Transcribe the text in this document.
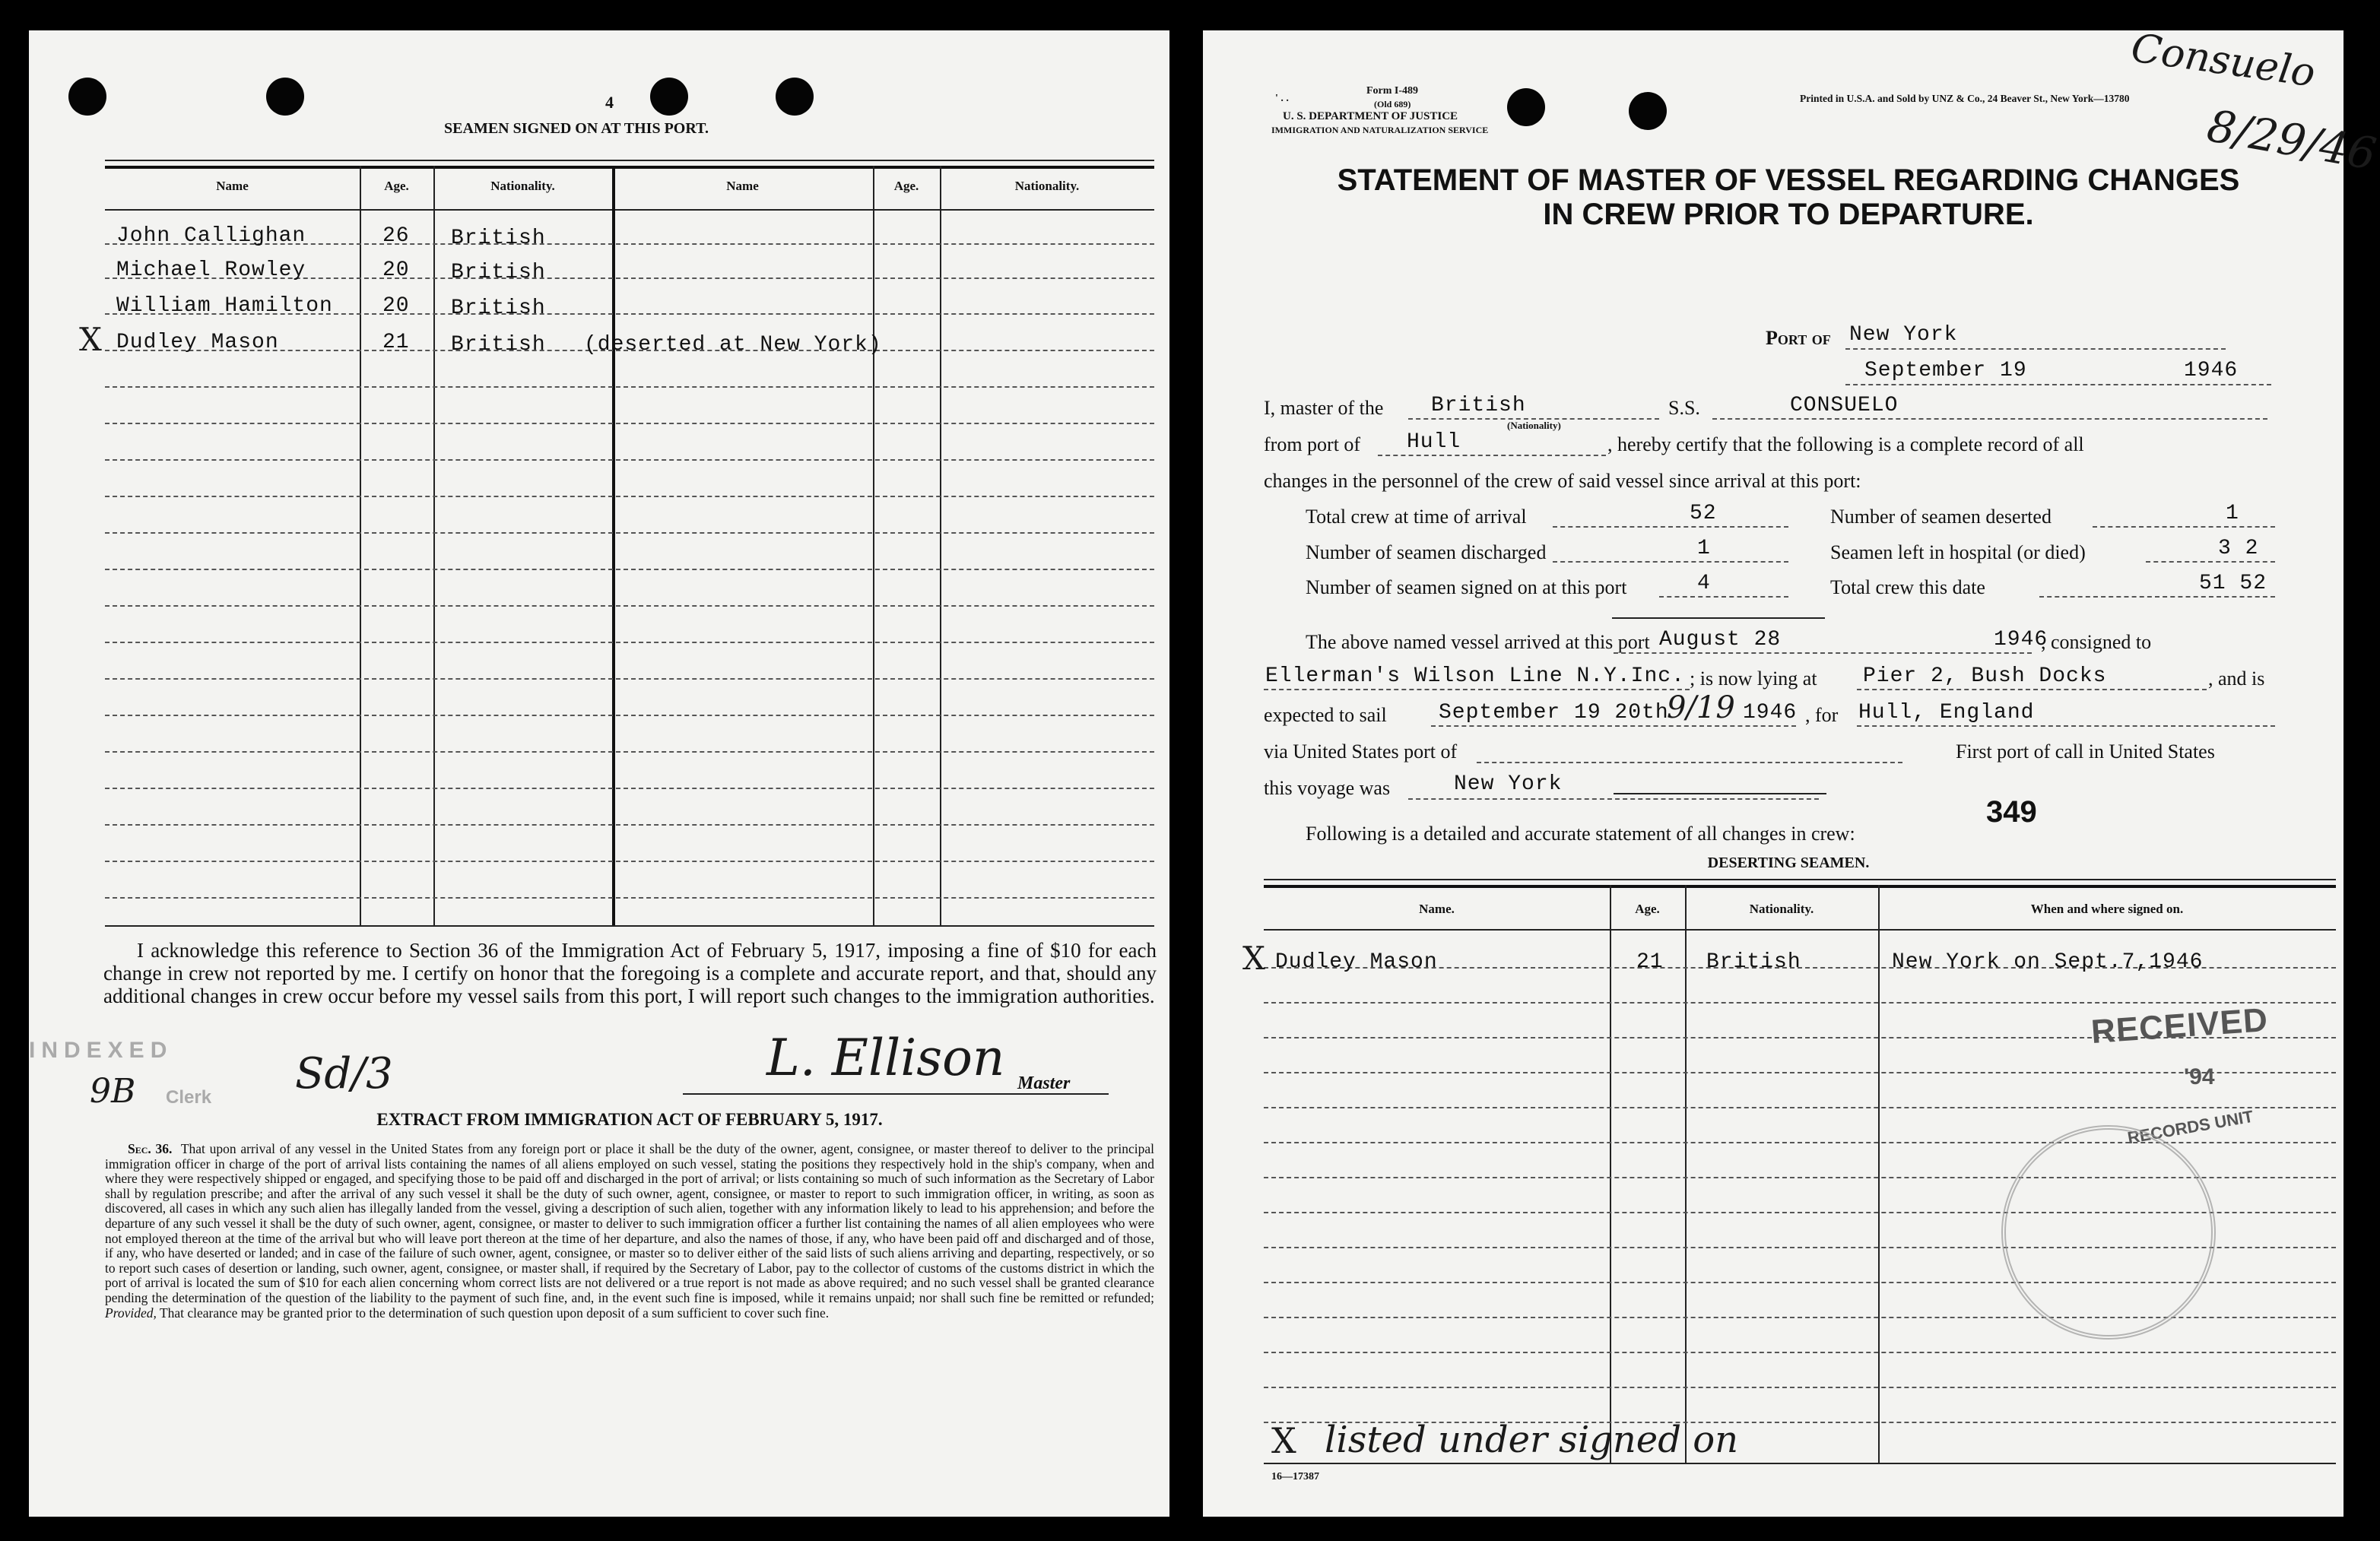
4
SEAMEN SIGNED ON AT THIS PORT.
Name	Age.	Nationality.	Name	Age.	Nationality.
John Callighan	26 British
Michael Rowley	20 British
William Hamilton 20 British
X Dudley Mason	21 British (deserted at New York)
I acknowledge this reference to Section 36 of the Immigration Act of February 5, 1917, imposing a fine of $10 for each change in crew not reported by me. I certify on honor that the foregoing is a complete and accurate report, and that, should any additional changes in crew occur before my vessel sails from this port, I will report such changes to the immigration authorities.
INDEXED
9B Clerk Sd/3	L. Ellison Master
EXTRACT FROM IMMIGRATION ACT OF FEBRUARY 5, 1917.
Sec. 36. That upon arrival of any vessel in the United States from any foreign port or place it shall be the duty of the owner, agent, consignee, or master thereof to deliver to the principal immigration officer in charge of the port of arrival lists containing the names of all aliens employed on such vessel, stating the positions they respectively hold in the ship's company, when and where they were respectively shipped or engaged, and specifying those to be paid off and discharged in the port of arrival; or lists containing so much of such information as the Secretary of Labor shall by regulation prescribe; and after the arrival of any such vessel it shall be the duty of such owner, agent, consignee, or master to report to such immigration officer, in writing, as soon as discovered, all cases in which any such alien has illegally landed from the vessel, giving a description of such alien, together with any information likely to lead to his apprehension; and before the departure of any such vessel it shall be the duty of such owner, agent, consignee, or master to deliver to such immigration officer a further list containing the names of all alien employees who were not employed thereon at the time of the arrival but who will leave port thereon at the time of her departure, and also the names of those, if any, who have been paid off and discharged and of those, if any, who have deserted or landed; and in case of the failure of such owner, agent, consignee, or master so to deliver either of the said lists of such aliens arriving and departing, respectively, or so to report such cases of desertion or landing, such owner, agent, consignee, or master shall, if required by the Secretary of Labor, pay to the collector of customs of the customs district in which the port of arrival is located the sum of $10 for each alien concerning whom correct lists are not delivered or a true report is not made as above required; and no such vessel shall be granted clearance pending the determination of the question of the liability to the payment of such fine, and, in the event such fine is imposed, while it remains unpaid; nor shall such fine be remitted or refunded; Provided, That clearance may be granted prior to the determination of such question upon deposit of a sum sufficient to cover such fine.
' . .
Form I-489
(Old 689)
U. S. DEPARTMENT OF JUSTICE
IMMIGRATION AND NATURALIZATION SERVICE
Printed in U.S.A. and Sold by UNZ & Co., 24 Beaver St., New York—13780
Consuelo
8/29/46
STATEMENT OF MASTER OF VESSEL REGARDING CHANGES
IN CREW PRIOR TO DEPARTURE.
Port of New York
September 19	1946
I, master of the British
(Nationality)
S.S.	CONSUELO
from port of Hull	, hereby certify that the following is a complete record of all
changes in the personnel of the crew of said vessel since arrival at this port:
Total crew at time of arrival	52
Number of seamen discharged	1
Number of seamen signed on at this port	4
Number of seamen deserted	1
Seamen left in hospital (or died)	3 2
Total crew this date	51 52
The above named vessel arrived at this port August 28	1946
, consigned to
Ellerman's Wilson Line N.Y.Inc. ; is now lying at Pier 2, Bush Docks	, and is
expected to sail September 19 20th
9/19 1946 , for Hull, England
via United States port of	First port of call in United States
this voyage was	New York
349
Following is a detailed and accurate statement of all changes in crew:
DESERTING SEAMEN.
Name.	Age.	Nationality.	When and where signed on.
X Dudley Mason	21 British	New York on Sept.7,1946
RECEIVED
'94
RECORDS UNIT
X listed under signed on
16—17387
